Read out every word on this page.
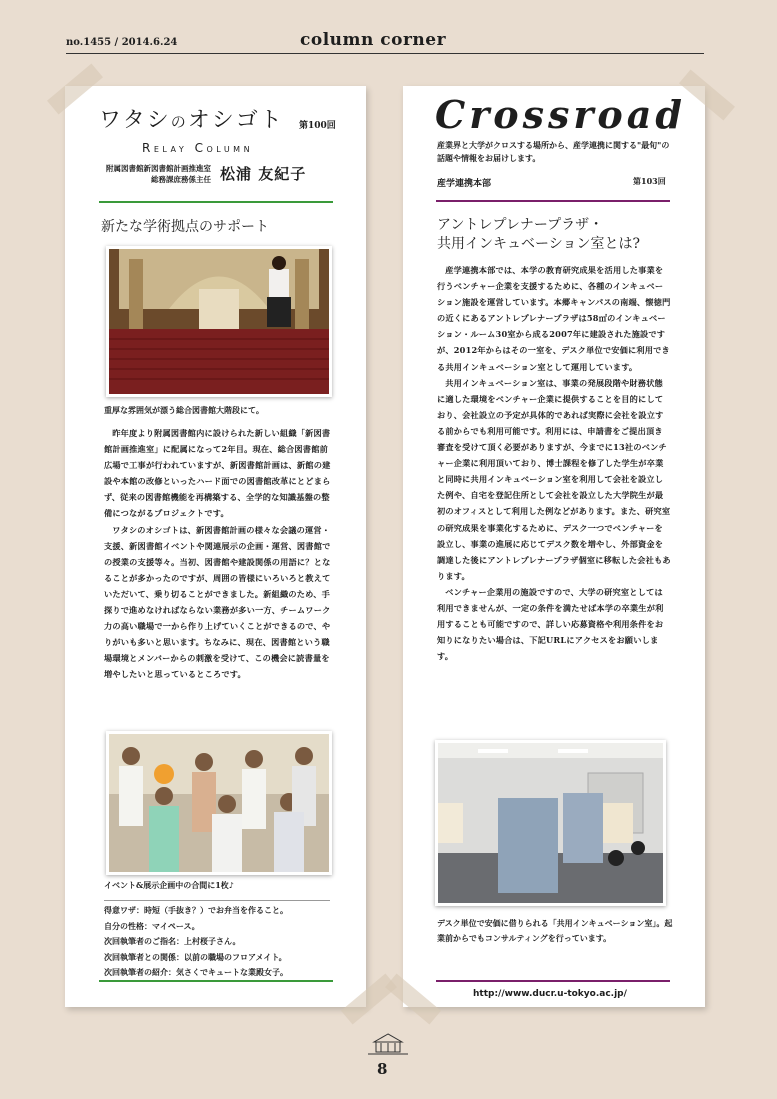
no.1455 / 2014.6.24	column corner
ワタシのオシゴト 第100回
Relay Column
附属図書館新図書館計画推進室
総務課庶務係主任 松浦 友紀子
新たな学術拠点のサポート
重厚な雰囲気が漂う総合図書館大階段にて。

昨年度より附属図書館内に設けられた新しい組織「新図書館計画推進室」に配属になって2年目。現在、総合図書館前広場で工事が行われていますが、新図書館計画は、新館の建設や本館の改修といったハード面での図書館改革にとどまらず、従来の図書館機能を再構築する、全学的な知識基盤の整備につながるプロジェクトです。

ワタシのオシゴトは、新図書館計画の様々な会議の運営・支援、新図書館イベントや関連展示の企画・運営、図書館での授業の支援等々。当初、図書館や建設関係の用語に？となることが多かったのですが、周囲の皆様にいろいろと教えていただいて、乗り切ることができました。新組織のため、手探りで進めなければならない業務が多い一方、チームワーク力の高い職場で一から作り上げていくことができるので、やりがいも多いと思います。ちなみに、現在、図書館という職場環境とメンバーからの刺激を受けて、この機会に読書量を増やしたいと思っているところです。

イベント&展示企画中の合間に1枚♪
得意ワザ：時短（手抜き？）でお弁当を作ること。
自分の性格：マイペース。
次回執筆者のご指名：上村桜子さん。
次回執筆者との関係：以前の職場のフロアメイト。
次回執筆者の紹介：気さくでキュートな業殿女子。
Crossroad
産業界と大学がクロスする場所から、産学連携に関する"最旬"の話題や情報をお届けします。
産学連携本部	第103回
アントレプレナープラザ・
共用インキュベーション室とは?

産学連携本部では、本学の教育研究成果を活用した事業を行うベンチャー企業を支援するために、各種のインキュベーション施設を運営しています。本郷キャンパスの南端、懐徳門の近くにあるアントレプレナープラザは58㎡のインキュベーション・ルーム30室から成る2007年に建設された施設ですが、2012年からはその一室を、デスク単位で安価に利用できる共用インキュベーション室として運用しています。

共用インキュベーション室は、事業の発展段階や財務状態に適した環境をベンチャー企業に提供することを目的にしており、会社設立の予定が具体的であれば実際に会社を設立する前からでも利用可能です。利用には、申請書をご提出頂き審査を受けて頂く必要がありますが、今までに13社のベンチャー企業に利用頂いており、博士課程を修了した学生が卒業と同時に共用インキュベーション室を利用して会社を設立した例や、自宅を登記住所として会社を設立した大学院生が最初のオフィスとして利用した例などがあります。また、研究室の研究成果を事業化するために、デスク一つでベンチャーを設立し、事業の進展に応じてデスク数を増やし、外部資金を調達した後にアントレプレナープラザ個室に移転した会社もあります。

ベンチャー企業用の施設ですので、大学の研究室としては利用できませんが、一定の条件を満たせば本学の卒業生が利用することも可能ですので、詳しい応募資格や利用条件をお知りになりたい場合は、下記URLにアクセスをお願いします。

デスク単位で安価に借りられる「共用インキュベーション室」。起業前からでもコンサルティングを行っています。
http://www.ducr.u-tokyo.ac.jp/
8
